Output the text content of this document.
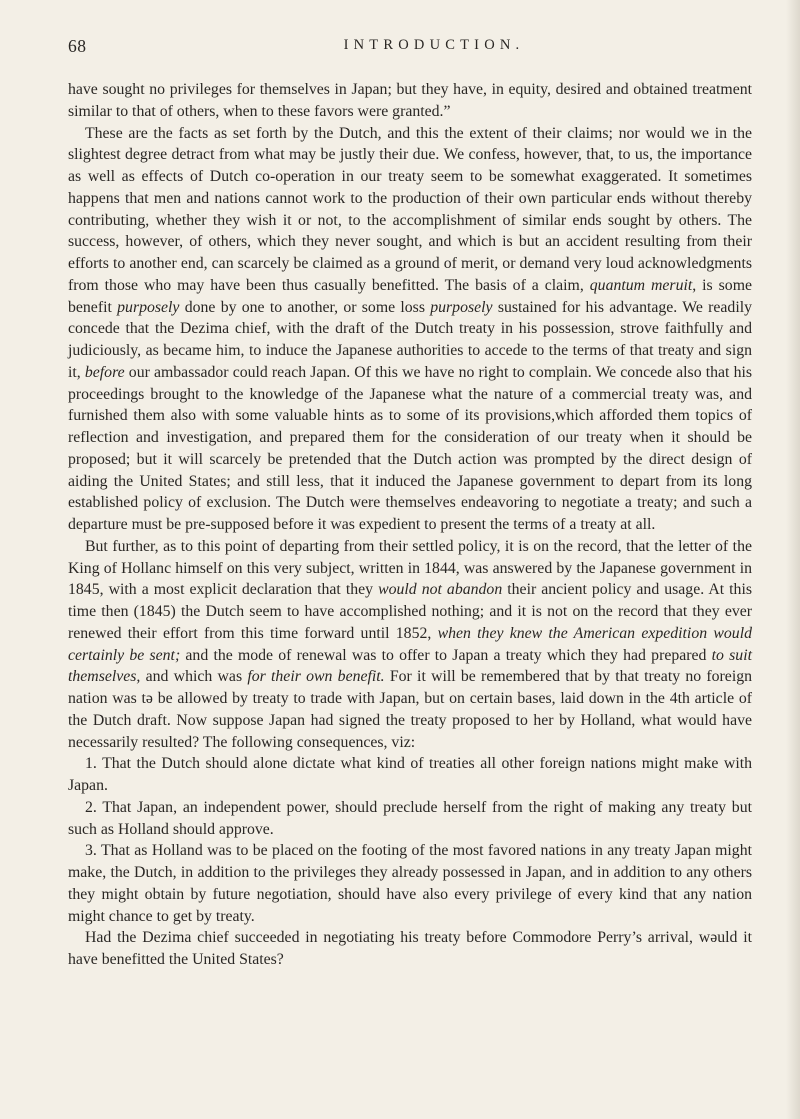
68	INTRODUCTION.

have sought no privileges for themselves in Japan; but they have, in equity, desired and obtained treatment similar to that of others, when to these favors were granted.”

These are the facts as set forth by the Dutch, and this the extent of their claims; nor would we in the slightest degree detract from what may be justly their due. We confess, however, that, to us, the importance as well as effects of Dutch co-operation in our treaty seem to be somewhat exaggerated. It sometimes happens that men and nations cannot work to the production of their own particular ends without thereby contributing, whether they wish it or not, to the accomplishment of similar ends sought by others. The success, however, of others, which they never sought, and which is but an accident resulting from their efforts to another end, can scarcely be claimed as a ground of merit, or demand very loud acknowledgments from those who may have been thus casually benefitted. The basis of a claim, quantum meruit, is some benefit purposely done by one to another, or some loss purposely sustained for his advantage. We readily concede that the Dezima chief, with the draft of the Dutch treaty in his possession, strove faithfully and judiciously, as became him, to induce the Japanese authorities to accede to the terms of that treaty and sign it, before our ambassador could reach Japan. Of this we have no right to complain. We concede also that his proceedings brought to the knowledge of the Japanese what the nature of a commercial treaty was, and furnished them also with some valuable hints as to some of its provisions,which afforded them topics of reflection and investigation, and prepared them for the consideration of our treaty when it should be proposed; but it will scarcely be pretended that the Dutch action was prompted by the direct design of aiding the United States; and still less, that it induced the Japanese government to depart from its long established policy of exclusion. The Dutch were themselves endeavoring to negotiate a treaty; and such a departure must be pre-supposed before it was expedient to present the terms of a treaty at all.

But further, as to this point of departing from their settled policy, it is on the record, that the letter of the King of Hollanc himself on this very subject, written in 1844, was answered by the Japanese government in 1845, with a most explicit declaration that they would not abandon their ancient policy and usage. At this time then (1845) the Dutch seem to have accomplished nothing; and it is not on the record that they ever renewed their effort from this time forward until 1852, when they knew the American expedition would certainly be sent; and the mode of renewal was to offer to Japan a treaty which they had prepared to suit themselves, and which was for their own benefit. For it will be remembered that by that treaty no foreign nation was tə be allowed by treaty to trade with Japan, but on certain bases, laid down in the 4th article of the Dutch draft. Now suppose Japan had signed the treaty proposed to her by Holland, what would have necessarily resulted? The following consequences, viz:

1. That the Dutch should alone dictate what kind of treaties all other foreign nations might make with Japan.

2. That Japan, an independent power, should preclude herself from the right of making any treaty but such as Holland should approve.

3. That as Holland was to be placed on the footing of the most favored nations in any treaty Japan might make, the Dutch, in addition to the privileges they already possessed in Japan, and in addition to any others they might obtain by future negotiation, should have also every privilege of every kind that any nation might chance to get by treaty.

Had the Dezima chief succeeded in negotiating his treaty before Commodore Perry’s arrival, wəuld it have benefitted the United States?
